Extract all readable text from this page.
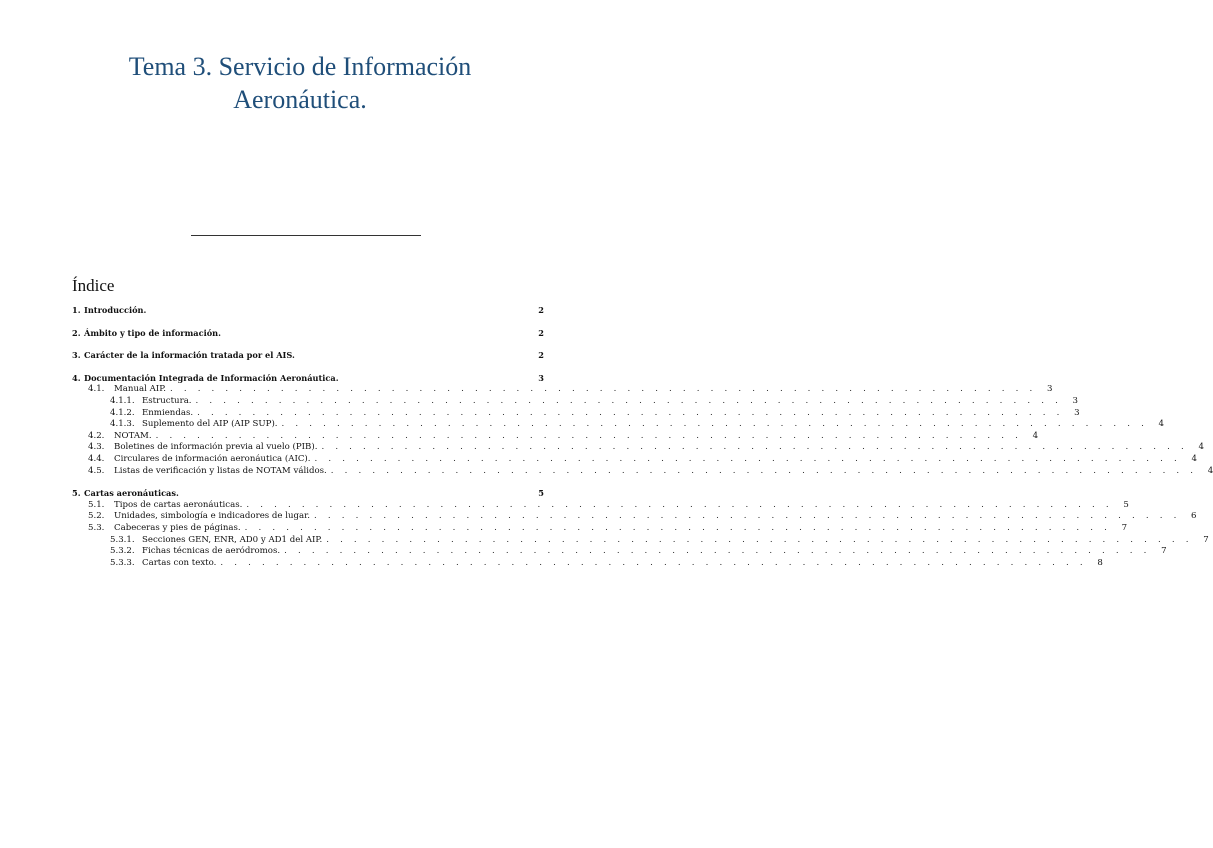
Tema 3. Servicio de Información
Aeronáutica.
Índice
1. Introducción.	2
2. Ámbito y tipo de información.	2
3. Carácter de la información tratada por el AIS.	2
4. Documentación Integrada de Información Aeronáutica.	3
4.1.	Manual AIP. . . . . . . . . . . . . . . . . . . . . . . . . . . . . . . . . . . . . . . . . . . . . . . . . . . . . . . . . . . . . . . .	3
4.1.1. Estructura. . . . . . . . . . . . . . . . . . . . . . . . . . . . . . . . . . . . . . . . . . . . . . . . . . . . . . . . . . . . . . . .	3
4.1.2. Enmiendas. . . . . . . . . . . . . . . . . . . . . . . . . . . . . . . . . . . . . . . . . . . . . . . . . . . . . . . . . . . . . . . .	3
4.1.3. Suplemento del AIP (AIP SUP). . . . . . . . . . . . . . . . . . . . . . . . . . . . . . . . . . . . . . . . . . . . . . . . . . . . . . . . . . . . . . . .	4
4.2.	NOTAM. . . . . . . . . . . . . . . . . . . . . . . . . . . . . . . . . . . . . . . . . . . . . . . . . . . . . . . . . . . . . . . .	4
4.3.	Boletines de información previa al vuelo (PIB). . . . . . . . . . . . . . . . . . . . . . . . . . . . . . . . . . . . . . . . . . . . . . . . . . . . . . . . . . . . . . . .	4
4.4.	Circulares de información aeronáutica (AIC). . . . . . . . . . . . . . . . . . . . . . . . . . . . . . . . . . . . . . . . . . . . . . . . . . . . . . . . . . . . . . . .	4
4.5.	Listas de verificación y listas de NOTAM válidos. . . . . . . . . . . . . . . . . . . . . . . . . . . . . . . . . . . . . . . . . . . . . . . . . . . . . . . . . . . . . . . .	4
5. Cartas aeronáuticas.	5
5.1.	Tipos de cartas aeronáuticas. . . . . . . . . . . . . . . . . . . . . . . . . . . . . . . . . . . . . . . . . . . . . . . . . . . . . . . . . . . . . . . .	5
5.2.	Unidades, simbología e indicadores de lugar. . . . . . . . . . . . . . . . . . . . . . . . . . . . . . . . . . . . . . . . . . . . . . . . . . . . . . . . . . . . . . . .	6
5.3.	Cabeceras y pies de páginas. . . . . . . . . . . . . . . . . . . . . . . . . . . . . . . . . . . . . . . . . . . . . . . . . . . . . . . . . . . . . . . .	7
5.3.1. Secciones GEN, ENR, AD0 y AD1 del AIP. . . . . . . . . . . . . . . . . . . . . . . . . . . . . . . . . . . . . . . . . . . . . . . . . . . . . . . . . . . . . . . .	7
5.3.2. Fichas técnicas de aeródromos. . . . . . . . . . . . . . . . . . . . . . . . . . . . . . . . . . . . . . . . . . . . . . . . . . . . . . . . . . . . . . . .	7
5.3.3. Cartas con texto. . . . . . . . . . . . . . . . . . . . . . . . . . . . . . . . . . . . . . . . . . . . . . . . . . . . . . . . . . . . . . . .	8
